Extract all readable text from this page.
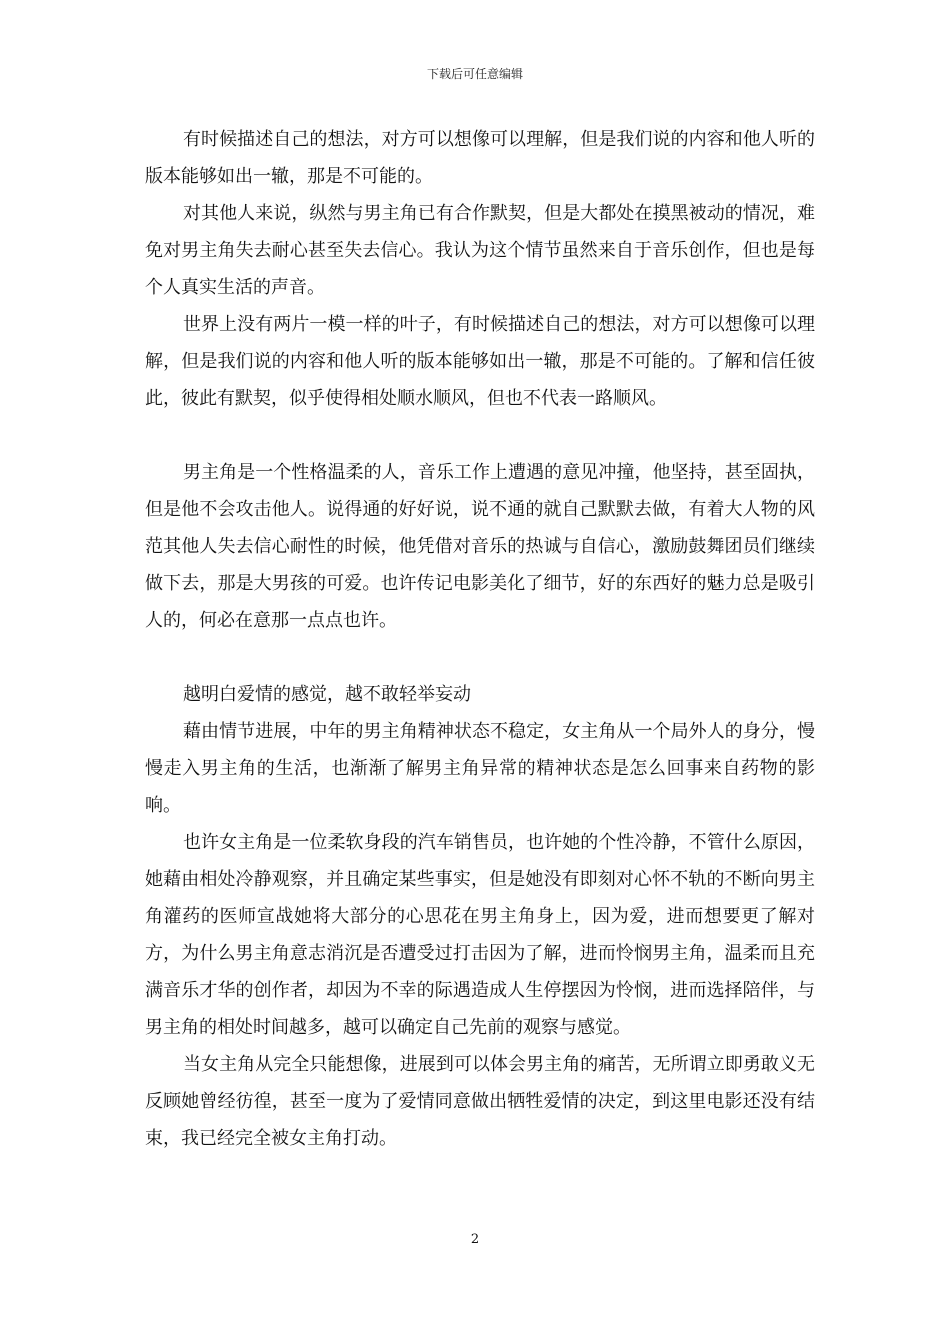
下载后可任意编辑

有时候描述自己的想法，对方可以想像可以理解，但是我们说的内容和他人听的版本能够如出一辙，那是不可能的。

对其他人来说，纵然与男主角已有合作默契，但是大都处在摸黑被动的情况，难免对男主角失去耐心甚至失去信心。我认为这个情节虽然来自于音乐创作，但也是每个人真实生活的声音。

世界上没有两片一模一样的叶子，有时候描述自己的想法，对方可以想像可以理解，但是我们说的内容和他人听的版本能够如出一辙，那是不可能的。了解和信任彼此，彼此有默契，似乎使得相处顺水顺风，但也不代表一路顺风。

男主角是一个性格温柔的人，音乐工作上遭遇的意见冲撞，他坚持，甚至固执，但是他不会攻击他人。说得通的好好说，说不通的就自己默默去做，有着大人物的风范其他人失去信心耐性的时候，他凭借对音乐的热诚与自信心，激励鼓舞团员们继续做下去，那是大男孩的可爱。也许传记电影美化了细节，好的东西好的魅力总是吸引人的，何必在意那一点点也许。

越明白爱情的感觉，越不敢轻举妄动

藉由情节进展，中年的男主角精神状态不稳定，女主角从一个局外人的身分，慢慢走入男主角的生活，也渐渐了解男主角异常的精神状态是怎么回事来自药物的影响。

也许女主角是一位柔软身段的汽车销售员，也许她的个性冷静，不管什么原因，她藉由相处冷静观察，并且确定某些事实，但是她没有即刻对心怀不轨的不断向男主角灌药的医师宣战她将大部分的心思花在男主角身上，因为爱，进而想要更了解对方，为什么男主角意志消沉是否遭受过打击因为了解，进而怜悯男主角，温柔而且充满音乐才华的创作者，却因为不幸的际遇造成人生停摆因为怜悯，进而选择陪伴，与男主角的相处时间越多，越可以确定自己先前的观察与感觉。

当女主角从完全只能想像，进展到可以体会男主角的痛苦，无所谓立即勇敢义无反顾她曾经彷徨，甚至一度为了爱情同意做出牺牲爱情的决定，到这里电影还没有结束，我已经完全被女主角打动。

2
